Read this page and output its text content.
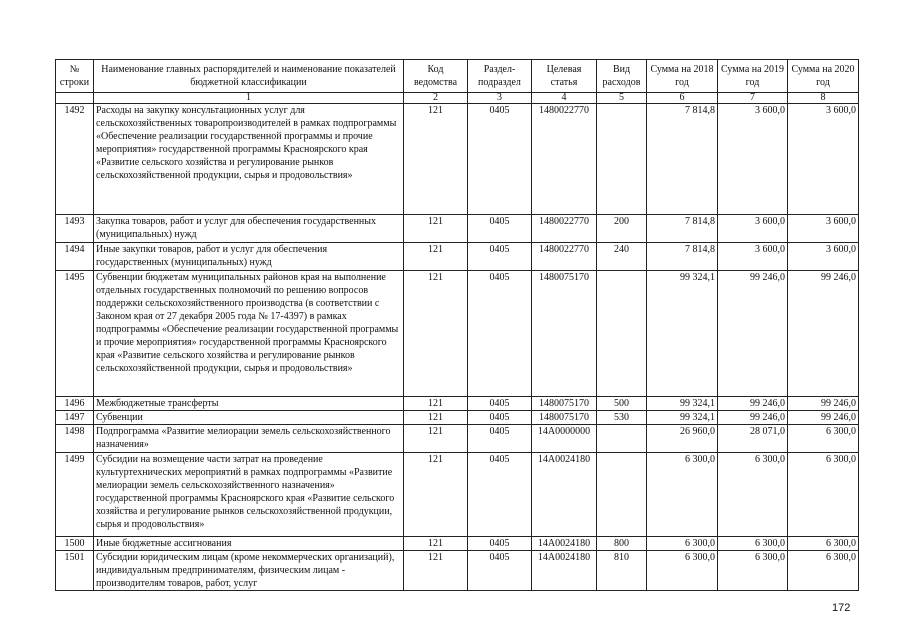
№ строки	Наименование главных распорядителей и наименование показателей бюджетной классификации	Код ведомства	Раздел-подраздел	Целевая статья	Вид расходов	Сумма на 2018 год	Сумма на 2019 год	Сумма на 2020 год
	1	2	3	4	5	6	7	8
1492	Расходы на закупку консультационных услуг для сельскохозяйственных товаропроизводителей в рамках подпрограммы «Обеспечение реализации государственной программы и прочие мероприятия» государственной программы Красноярского края «Развитие сельского хозяйства и регулирование рынков сельскохозяйственной продукции, сырья и продовольствия»	121	0405	1480022770		7 814,8	3 600,0	3 600,0
1493	Закупка товаров, работ и услуг для обеспечения государственных (муниципальных) нужд	121	0405	1480022770	200	7 814,8	3 600,0	3 600,0
1494	Иные закупки товаров, работ и услуг для обеспечения государственных (муниципальных) нужд	121	0405	1480022770	240	7 814,8	3 600,0	3 600,0
1495	Субвенции бюджетам муниципальных районов края на выполнение отдельных государственных полномочий по решению вопросов поддержки сельскохозяйственного производства (в соответствии с Законом края от 27 декабря 2005 года № 17-4397) в рамках подпрограммы «Обеспечение реализации государственной программы и прочие мероприятия» государственной программы Красноярского края «Развитие сельского хозяйства и регулирование рынков сельскохозяйственной продукции, сырья и продовольствия»	121	0405	1480075170		99 324,1	99 246,0	99 246,0
1496	Межбюджетные трансферты	121	0405	1480075170	500	99 324,1	99 246,0	99 246,0
1497	Субвенции	121	0405	1480075170	530	99 324,1	99 246,0	99 246,0
1498	Подпрограмма «Развитие мелиорации земель сельскохозяйственного назначения»	121	0405	14А0000000		26 960,0	28 071,0	6 300,0
1499	Субсидии на возмещение части затрат на проведение культуртехнических мероприятий в рамках подпрограммы «Развитие мелиорации земель сельскохозяйственного назначения» государственной программы Красноярского края «Развитие сельского хозяйства и регулирование рынков сельскохозяйственной продукции, сырья и продовольствия»	121	0405	14А0024180		6 300,0	6 300,0	6 300,0
1500	Иные бюджетные ассигнования	121	0405	14А0024180	800	6 300,0	6 300,0	6 300,0
1501	Субсидии юридическим лицам (кроме некоммерческих организаций), индивидуальным предпринимателям, физическим лицам - производителям товаров, работ, услуг	121	0405	14А0024180	810	6 300,0	6 300,0	6 300,0
172
